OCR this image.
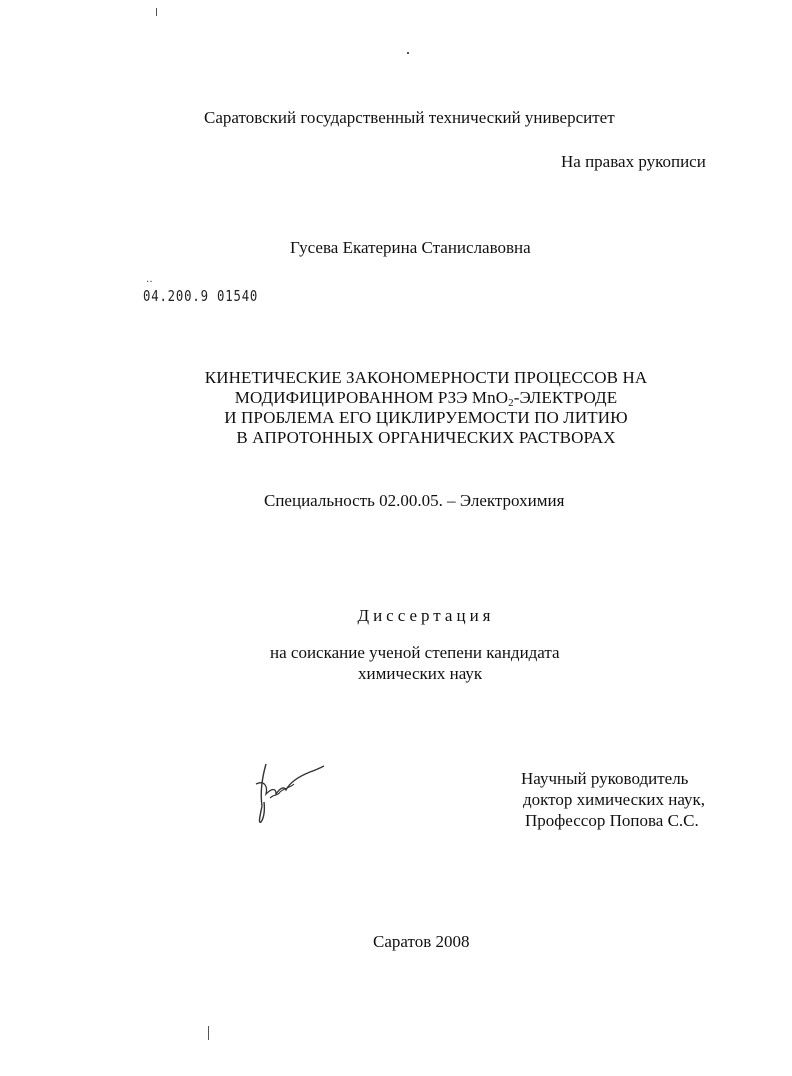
Саратовский государственный технический университет
На правах рукописи
Гусева Екатерина Станиславовна
․․
04.200.9 01540
КИНЕТИЧЕСКИЕ ЗАКОНОМЕРНОСТИ ПРОЦЕССОВ НА
МОДИФИЦИРОВАННОМ РЗЭ MnO$_2$-ЭЛЕКТРОДЕ
И ПРОБЛЕМА ЕГО ЦИКЛИРУЕМОСТИ ПО ЛИТИЮ
В АПРОТОННЫХ ОРГАНИЧЕСКИХ РАСТВОРАХ
Специальность 02.00.05. – Электрохимия
Диссертация
на соискание ученой степени кандидата
химических наук
Научный руководитель
доктор химических наук,
Профессор Попова С.С.
Саратов 2008
